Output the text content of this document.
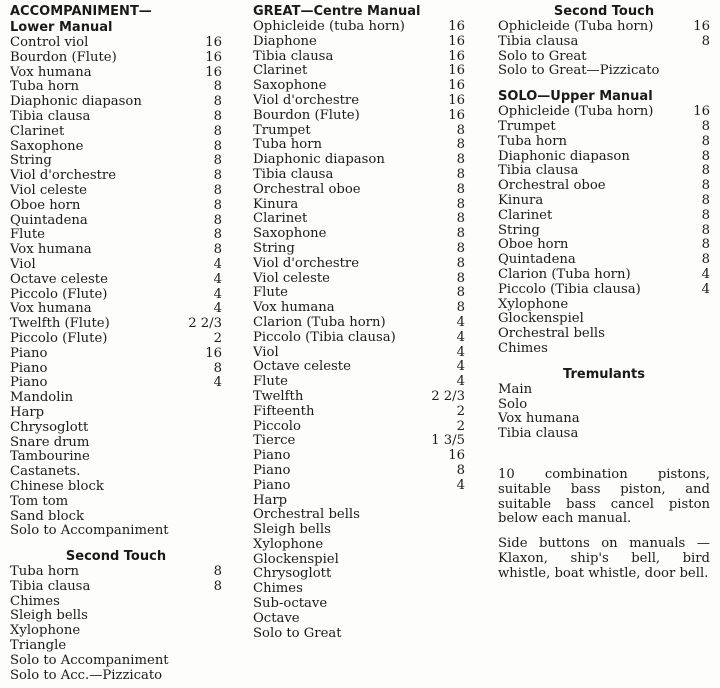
ACCOMPANIMENT—
Lower Manual
Control viol	16
Bourdon (Flute)	16
Vox humana	16
Tuba horn	8
Diaphonic diapason	8
Tibia clausa	8
Clarinet	8
Saxophone	8
String	8
Viol d'orchestre	8
Viol celeste	8
Oboe horn	8
Quintadena	8
Flute	8
Vox humana	8
Viol	4
Octave celeste	4
Piccolo (Flute)	4
Vox humana	4
Twelfth (Flute)	2 2/3
Piccolo (Flute)	2
Piano	16
Piano	8
Piano	4
Mandolin
Harp
Chrysoglott
Snare drum
Tambourine
Castanets.
Chinese block
Tom tom
Sand block
Solo to Accompaniment
Second Touch
Tuba horn	8
Tibia clausa	8
Chimes
Sleigh bells
Xylophone
Triangle
Solo to Accompaniment
Solo to Acc.—Pizzicato
GREAT—Centre Manual
Ophicleide (tuba horn)	16
Diaphone	16
Tibia clausa	16
Clarinet	16
Saxophone	16
Viol d'orchestre	16
Bourdon (Flute)	16
Trumpet	8
Tuba horn	8
Diaphonic diapason	8
Tibia clausa	8
Orchestral oboe	8
Kinura	8
Clarinet	8
Saxophone	8
String	8
Viol d'orchestre	8
Viol celeste	8
Flute	8
Vox humana	8
Clarion (Tuba horn)	4
Piccolo (Tibia clausa)	4
Viol	4
Octave celeste	4
Flute	4
Twelfth	2 2/3
Fifteenth	2
Piccolo	2
Tierce	1 3/5
Piano	16
Piano	8
Piano	4
Harp
Orchestral bells
Sleigh bells
Xylophone
Glockenspiel
Chrysoglott
Chimes
Sub-octave
Octave
Solo to Great
Second Touch
Ophicleide (Tuba horn)	16
Tibia clausa	8
Solo to Great
Solo to Great—Pizzicato
SOLO—Upper Manual
Ophicleide (Tuba horn)	16
Trumpet	8
Tuba horn	8
Diaphonic diapason	8
Tibia clausa	8
Orchestral oboe	8
Kinura	8
Clarinet	8
String	8
Oboe horn	8
Quintadena	8
Clarion (Tuba horn)	4
Piccolo (Tibia clausa)	4
Xylophone
Glockenspiel
Orchestral bells
Chimes
Tremulants
Main
Solo
Vox humana
Tibia clausa
10 combination pistons, suitable bass piston, and suitable bass cancel piston below each manual.
Side buttons on manuals — Klaxon, ship's bell, bird whistle, boat whistle, door bell.
